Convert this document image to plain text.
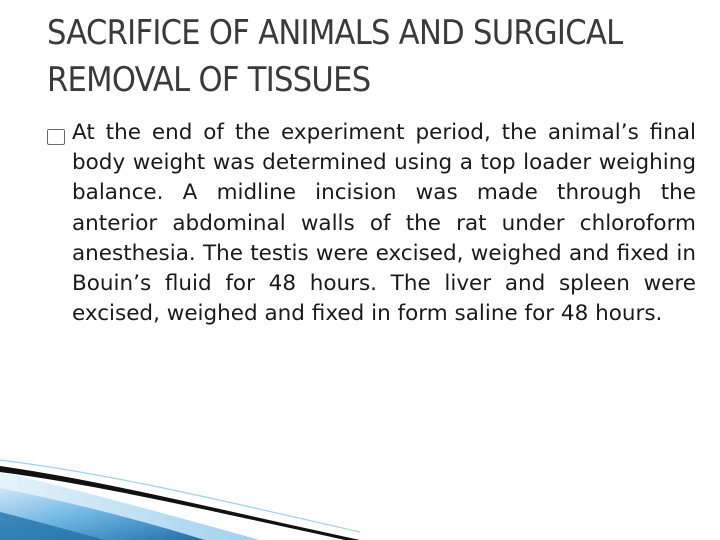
SACRIFICE OF ANIMALS AND SURGICAL REMOVAL OF TISSUES

At the end of the experiment period, the animal’s final body weight was determined using a top loader weighing balance. A midline incision was made through the anterior abdominal walls of the rat under chloroform anesthesia. The testis were excised, weighed and fixed in Bouin’s fluid for 48 hours. The liver and spleen were excised, weighed and fixed in form saline for 48 hours.
